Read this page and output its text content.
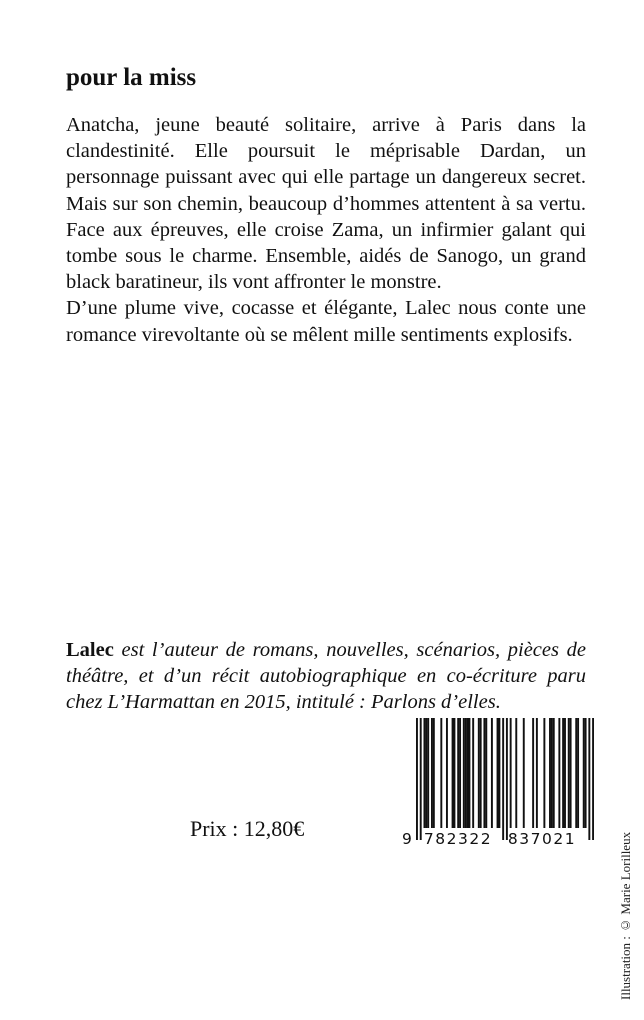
pour la miss

Anatcha, jeune beauté solitaire, arrive à Paris dans la clandestinité. Elle poursuit le méprisable Dardan, un personnage puissant avec qui elle partage un dangereux secret. Mais sur son chemin, beaucoup d’hommes attentent à sa vertu. Face aux épreuves, elle croise Zama, un infirmier galant qui tombe sous le charme. Ensemble, aidés de Sanogo, un grand black baratineur, ils vont affronter le monstre.

D’une plume vive, cocasse et élégante, Lalec nous conte une romance virevoltante où se mêlent mille sentiments explosifs.

Lalec est l’auteur de romans, nouvelles, scénarios, pièces de théâtre, et d’un récit autobiographique en co-écriture paru chez L’Harmattan en 2015, intitulé : Parlons d’elles.

Illustration : © Marie Lorilleux

Prix : 12,80€	9 782322	837021
